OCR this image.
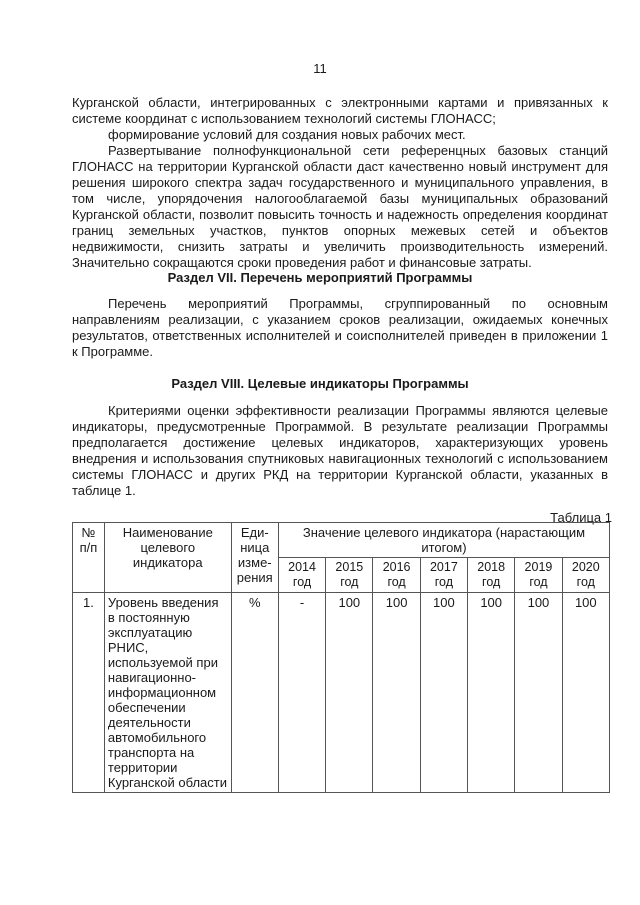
11

Курганской области, интегрированных с электронными картами и привязанных к системе координат с использованием технологий системы ГЛОНАСС;

формирование условий для создания новых рабочих мест.

Развертывание полнофункциональной сети референцных базовых станций ГЛОНАСС на территории Курганской области даст качественно новый инструмент для решения широкого спектра задач государственного и муниципального управления, в том числе, упорядочения налогооблагаемой базы муниципальных образований Курганской области, позволит повысить точность и надежность определения координат границ земельных участков, пунктов опорных межевых сетей и объектов недвижимости, снизить затраты и увеличить производительность измерений. Значительно сокращаются сроки проведения работ и финансовые затраты.

Раздел VII. Перечень мероприятий Программы

Перечень мероприятий Программы, сгруппированный по основным направлениям реализации, с указанием сроков реализации, ожидаемых конечных результатов, ответственных исполнителей и соисполнителей приведен в приложении 1 к Программе.

Раздел VIII. Целевые индикаторы Программы

Критериями оценки эффективности реализации Программы являются целевые индикаторы, предусмотренные Программой. В результате реализации Программы предполагается достижение целевых индикаторов, характеризующих уровень внедрения и использования спутниковых навигационных технологий с использованием системы ГЛОНАСС и других РКД на территории Курганской области, указанных в таблице 1.

Таблица 1
№ п/п	Наименование целевого индикатора	Еди-ница изме-рения	Значение целевого индикатора (нарастающим итогом)						
			2014 год	2015 год	2016 год	2017 год	2018 год	2019 год	2020 год
1.	Уровень введения в постоянную эксплуатацию РНИС, используемой при навигационно-информационном обеспечении деятельности автомобильного транспорта на территории Курганской области	%	-	100	100	100	100	100	100
